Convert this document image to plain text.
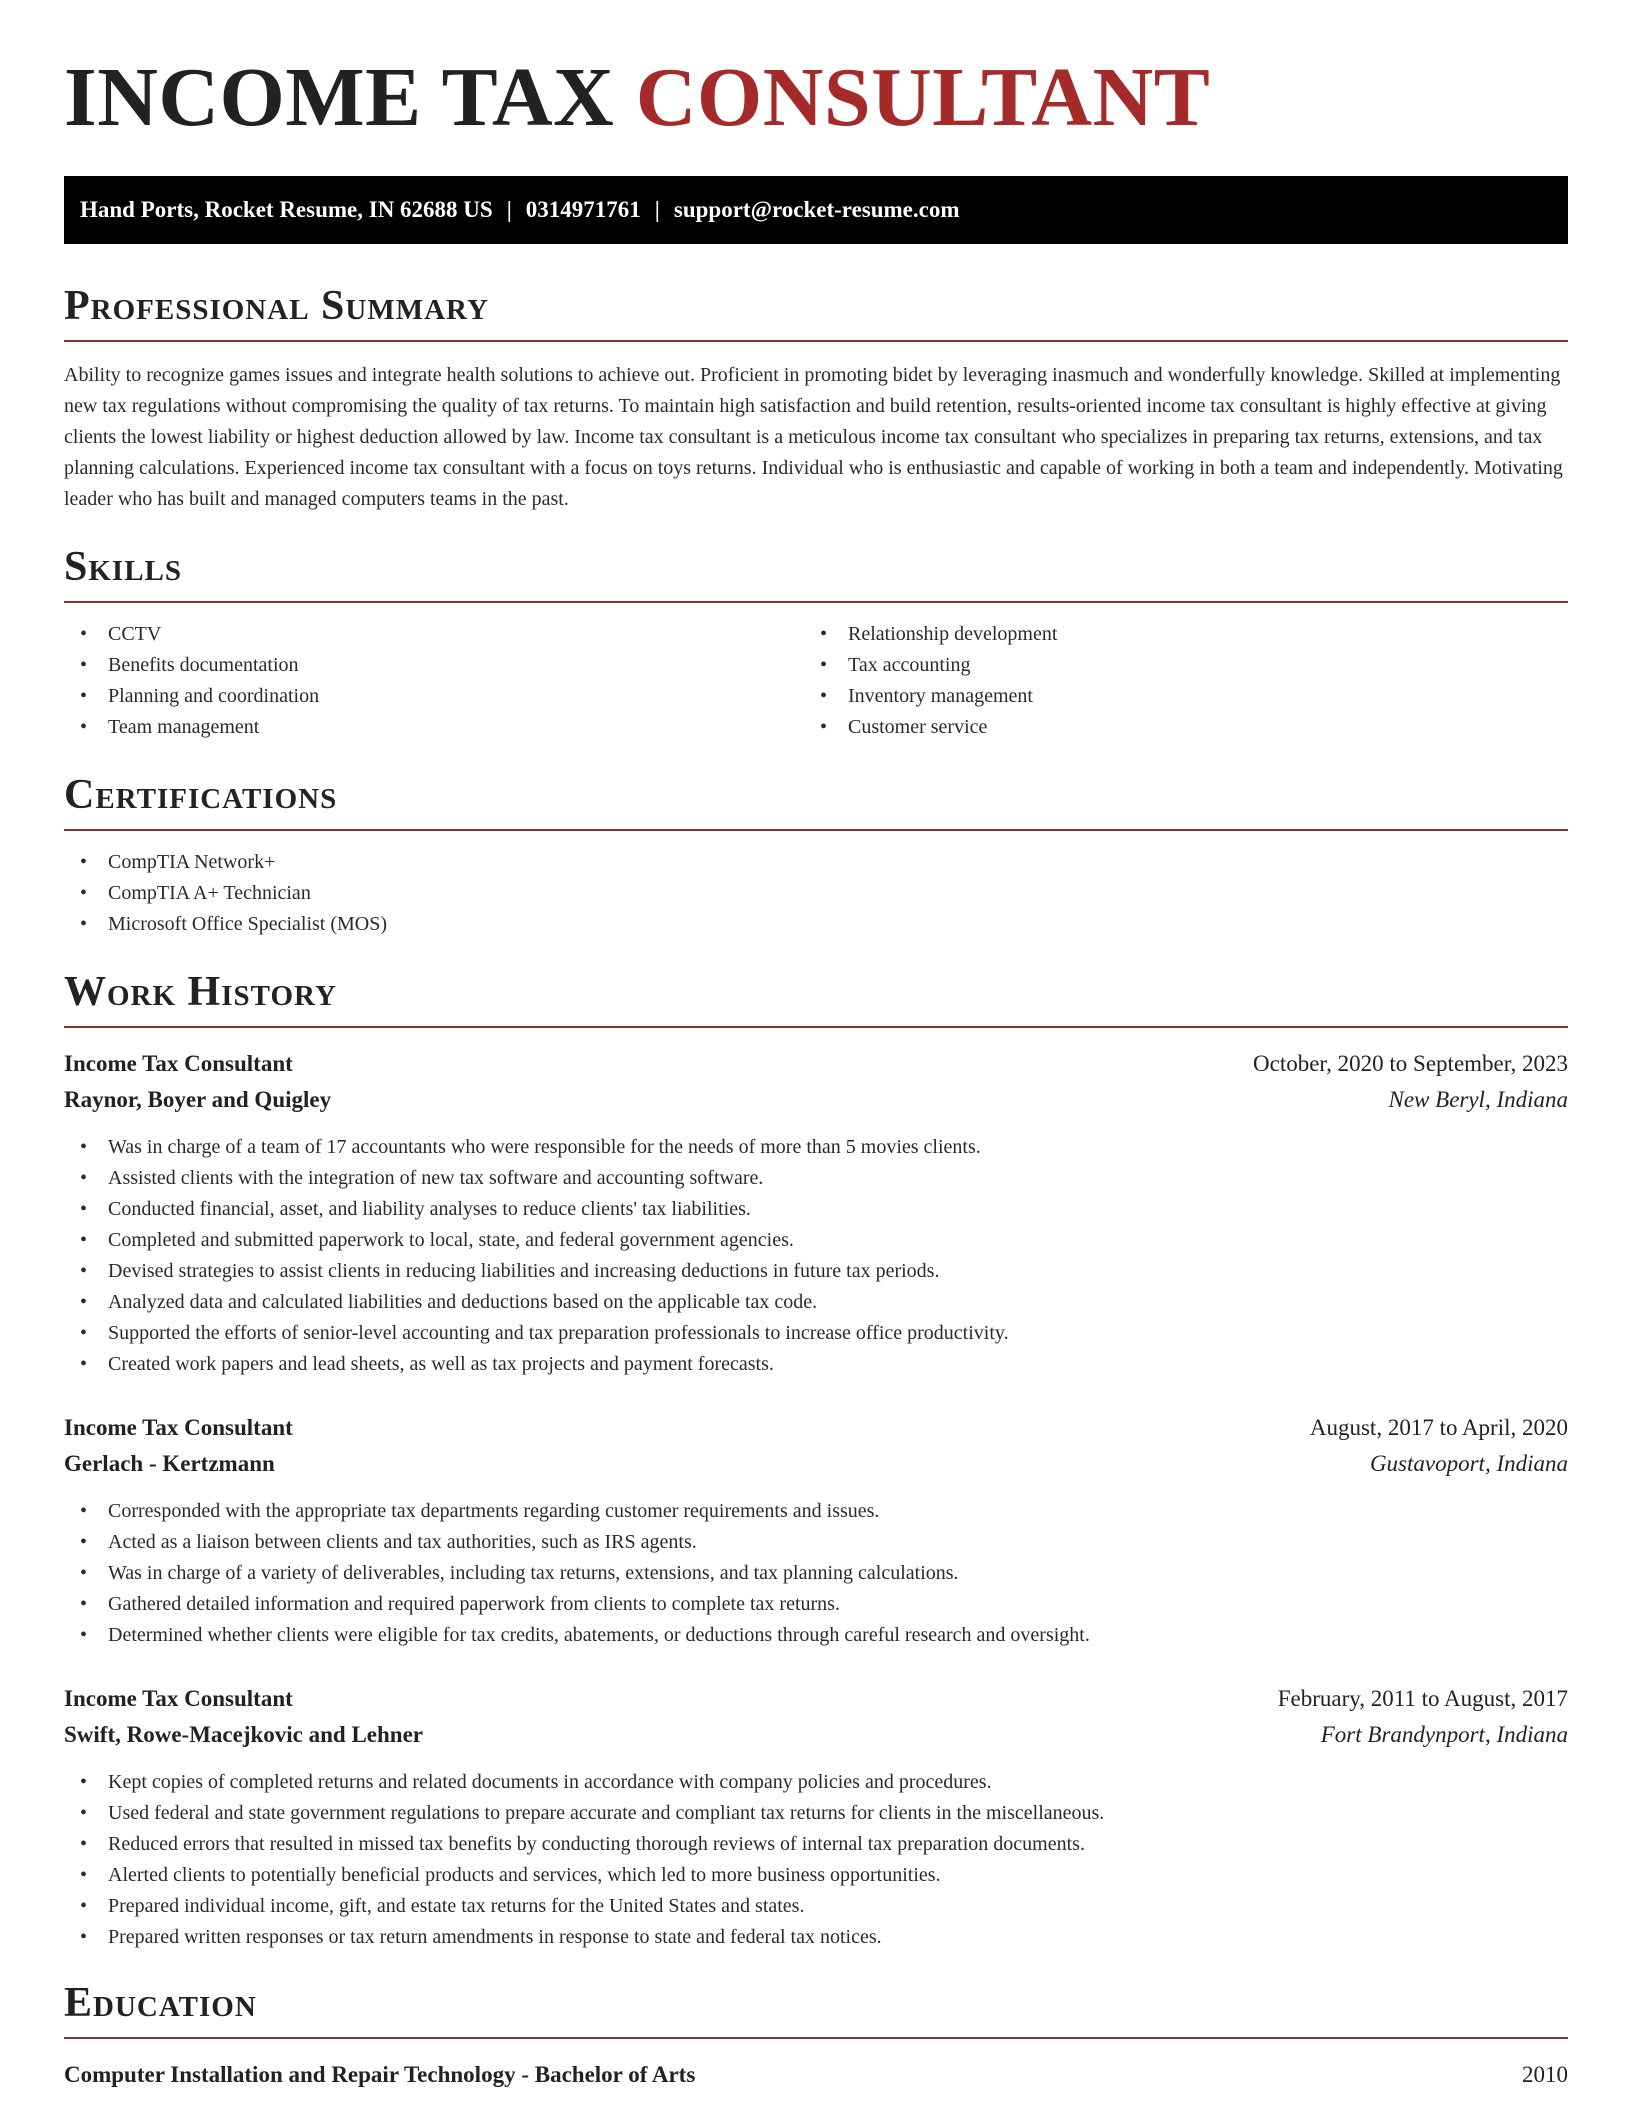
INCOME TAX CONSULTANT
Hand Ports, Rocket Resume, IN 62688 US | 0314971761 | support@rocket-resume.com
Professional Summary

Ability to recognize games issues and integrate health solutions to achieve out. Proficient in promoting bidet by leveraging inasmuch and wonderfully knowledge. Skilled at implementing new tax regulations without compromising the quality of tax returns. To maintain high satisfaction and build retention, results-oriented income tax consultant is highly effective at giving clients the lowest liability or highest deduction allowed by law. Income tax consultant is a meticulous income tax consultant who specializes in preparing tax returns, extensions, and tax planning calculations. Experienced income tax consultant with a focus on toys returns. Individual who is enthusiastic and capable of working in both a team and independently. Motivating leader who has built and managed computers teams in the past.

Skills
• CCTV
• Benefits documentation
• Planning and coordination
• Team management
• Relationship development
• Tax accounting
• Inventory management
• Customer service
Certifications
• CompTIA Network+
• CompTIA A+ Technician
• Microsoft Office Specialist (MOS)
Work History
Income Tax Consultant	October, 2020 to September, 2023
Raynor, Boyer and Quigley	New Beryl, Indiana
• Was in charge of a team of 17 accountants who were responsible for the needs of more than 5 movies clients.
• Assisted clients with the integration of new tax software and accounting software.
• Conducted financial, asset, and liability analyses to reduce clients' tax liabilities.
• Completed and submitted paperwork to local, state, and federal government agencies.
• Devised strategies to assist clients in reducing liabilities and increasing deductions in future tax periods.
• Analyzed data and calculated liabilities and deductions based on the applicable tax code.
• Supported the efforts of senior-level accounting and tax preparation professionals to increase office productivity.
• Created work papers and lead sheets, as well as tax projects and payment forecasts.
Income Tax Consultant	August, 2017 to April, 2020
Gerlach - Kertzmann	Gustavoport, Indiana
• Corresponded with the appropriate tax departments regarding customer requirements and issues.
• Acted as a liaison between clients and tax authorities, such as IRS agents.
• Was in charge of a variety of deliverables, including tax returns, extensions, and tax planning calculations.
• Gathered detailed information and required paperwork from clients to complete tax returns.
• Determined whether clients were eligible for tax credits, abatements, or deductions through careful research and oversight.
Income Tax Consultant	February, 2011 to August, 2017
Swift, Rowe-Macejkovic and Lehner	Fort Brandynport, Indiana
• Kept copies of completed returns and related documents in accordance with company policies and procedures.
• Used federal and state government regulations to prepare accurate and compliant tax returns for clients in the miscellaneous.
• Reduced errors that resulted in missed tax benefits by conducting thorough reviews of internal tax preparation documents.
• Alerted clients to potentially beneficial products and services, which led to more business opportunities.
• Prepared individual income, gift, and estate tax returns for the United States and states.
• Prepared written responses or tax return amendments in response to state and federal tax notices.
Education
Computer Installation and Repair Technology - Bachelor of Arts	2010
